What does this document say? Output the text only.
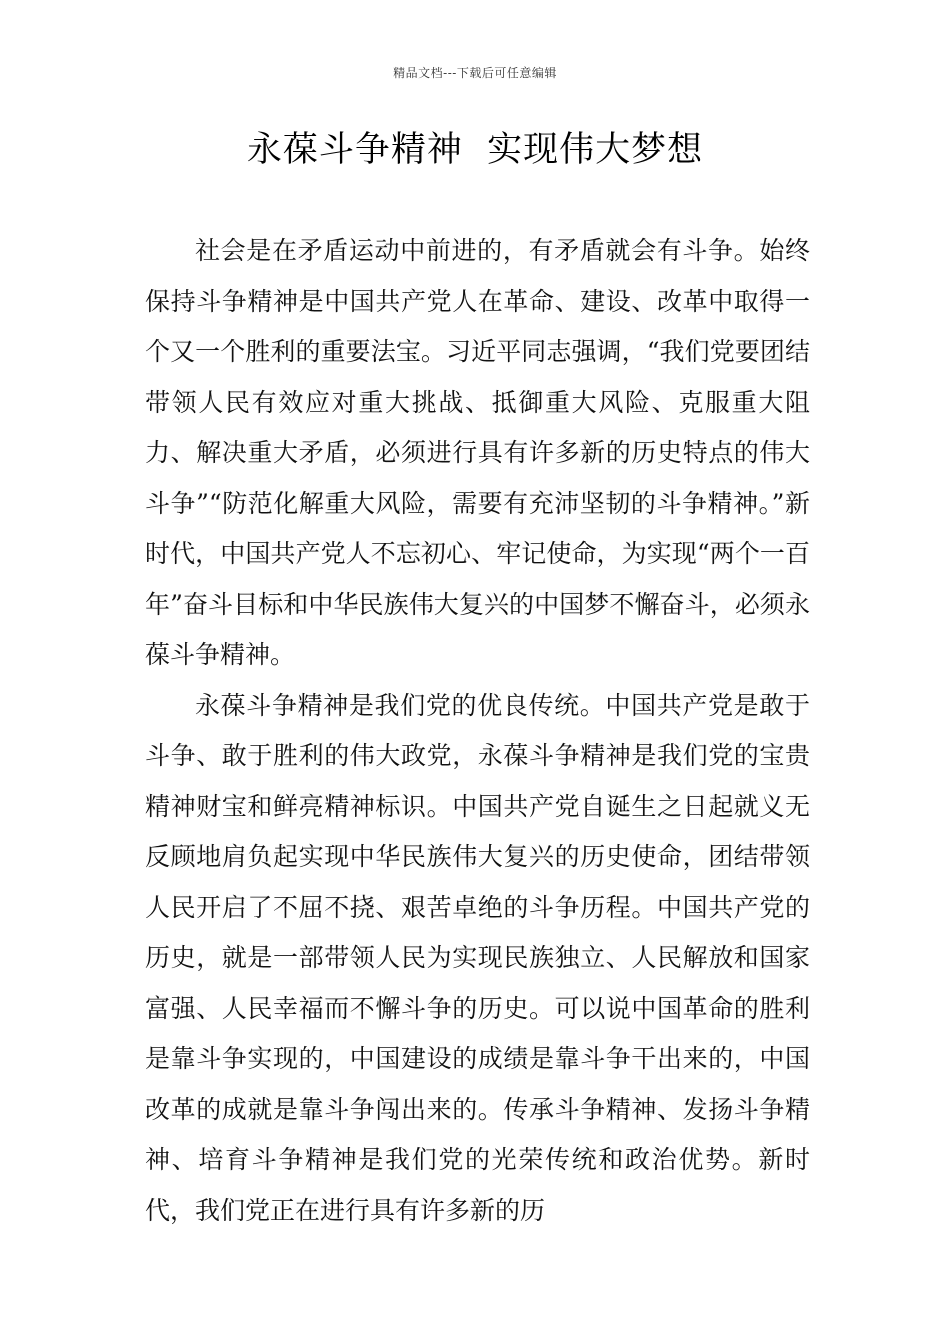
精品文档---下载后可任意编辑
永葆斗争精神  实现伟大梦想

社会是在矛盾运动中前进的，有矛盾就会有斗争。始终保持斗争精神是中国共产党人在革命、建设、改革中取得一个又一个胜利的重要法宝。习近平同志强调，“我们党要团结带领人民有效应对重大挑战、抵御重大风险、克服重大阻力、解决重大矛盾，必须进行具有许多新的历史特点的伟大斗争”“防范化解重大风险，需要有充沛坚韧的斗争精神。”新时代，中国共产党人不忘初心、牢记使命，为实现“两个一百年”奋斗目标和中华民族伟大复兴的中国梦不懈奋斗，必须永葆斗争精神。

永葆斗争精神是我们党的优良传统。中国共产党是敢于斗争、敢于胜利的伟大政党，永葆斗争精神是我们党的宝贵精神财宝和鲜亮精神标识。中国共产党自诞生之日起就义无反顾地肩负起实现中华民族伟大复兴的历史使命，团结带领人民开启了不屈不挠、艰苦卓绝的斗争历程。中国共产党的历史，就是一部带领人民为实现民族独立、人民解放和国家富强、人民幸福而不懈斗争的历史。可以说中国革命的胜利是靠斗争实现的，中国建设的成绩是靠斗争干出来的，中国改革的成就是靠斗争闯出来的。传承斗争精神、发扬斗争精神、培育斗争精神是我们党的光荣传统和政治优势。新时代，我们党正在进行具有许多新的历
